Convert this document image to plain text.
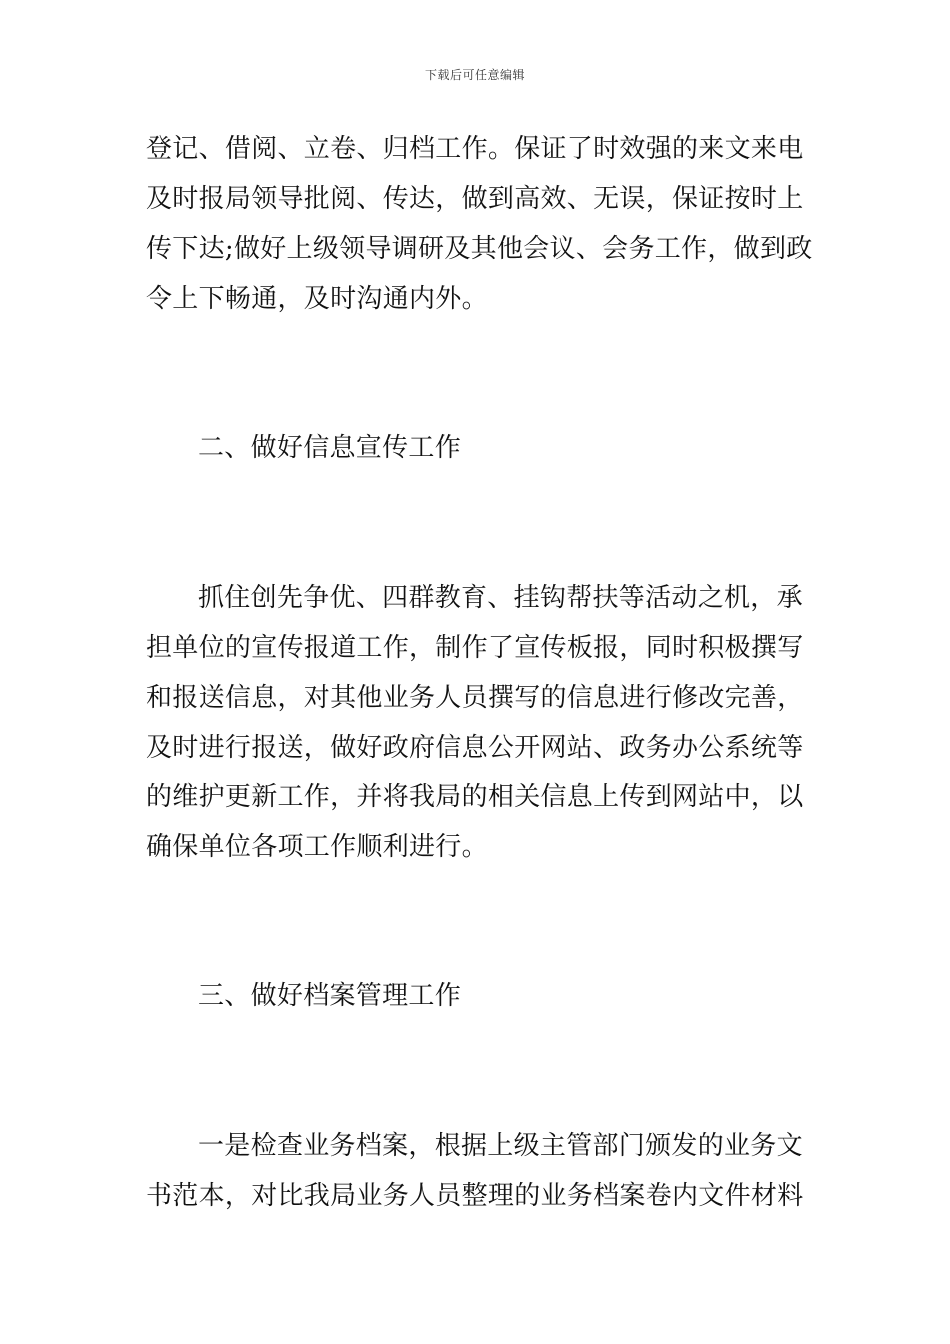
下载后可任意编辑
登记、借阅、立卷、归档工作。保证了时效强的来文来电
及时报局领导批阅、传达，做到高效、无误，保证按时上
传下达;做好上级领导调研及其他会议、会务工作，做到政
令上下畅通，及时沟通内外。
二、做好信息宣传工作
抓住创先争优、四群教育、挂钩帮扶等活动之机，承
担单位的宣传报道工作，制作了宣传板报，同时积极撰写
和报送信息，对其他业务人员撰写的信息进行修改完善，
及时进行报送，做好政府信息公开网站、政务办公系统等
的维护更新工作，并将我局的相关信息上传到网站中，以
确保单位各项工作顺利进行。
三、做好档案管理工作
一是检查业务档案，根据上级主管部门颁发的业务文
书范本，对比我局业务人员整理的业务档案卷内文件材料
